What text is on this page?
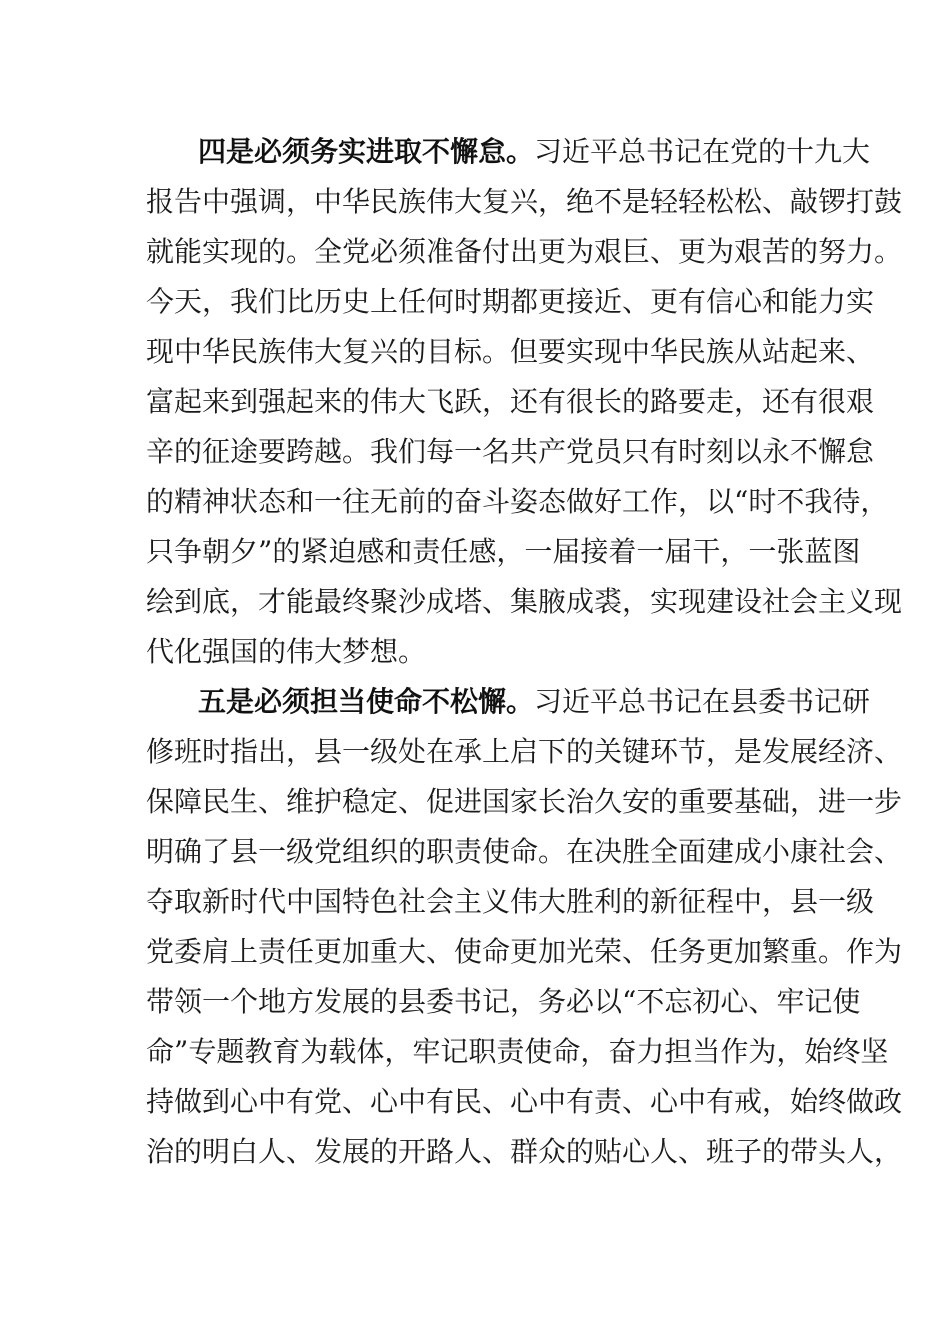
四是必须务实进取不懈怠。习近平总书记在党的十九大
报告中强调，中华民族伟大复兴，绝不是轻轻松松、敲锣打鼓
就能实现的。全党必须准备付出更为艰巨、更为艰苦的努力。
今天，我们比历史上任何时期都更接近、更有信心和能力实
现中华民族伟大复兴的目标。但要实现中华民族从站起来、
富起来到强起来的伟大飞跃，还有很长的路要走，还有很艰
辛的征途要跨越。我们每一名共产党员只有时刻以永不懈怠
的精神状态和一往无前的奋斗姿态做好工作，以“时不我待，
只争朝夕”的紧迫感和责任感，一届接着一届干，一张蓝图
绘到底，才能最终聚沙成塔、集腋成裘，实现建设社会主义现
代化强国的伟大梦想。
五是必须担当使命不松懈。习近平总书记在县委书记研
修班时指出，县一级处在承上启下的关键环节，是发展经济、
保障民生、维护稳定、促进国家长治久安的重要基础，进一步
明确了县一级党组织的职责使命。在决胜全面建成小康社会、
夺取新时代中国特色社会主义伟大胜利的新征程中，县一级
党委肩上责任更加重大、使命更加光荣、任务更加繁重。作为
带领一个地方发展的县委书记，务必以“不忘初心、牢记使
命”专题教育为载体，牢记职责使命，奋力担当作为，始终坚
持做到心中有党、心中有民、心中有责、心中有戒，始终做政
治的明白人、发展的开路人、群众的贴心人、班子的带头人，
